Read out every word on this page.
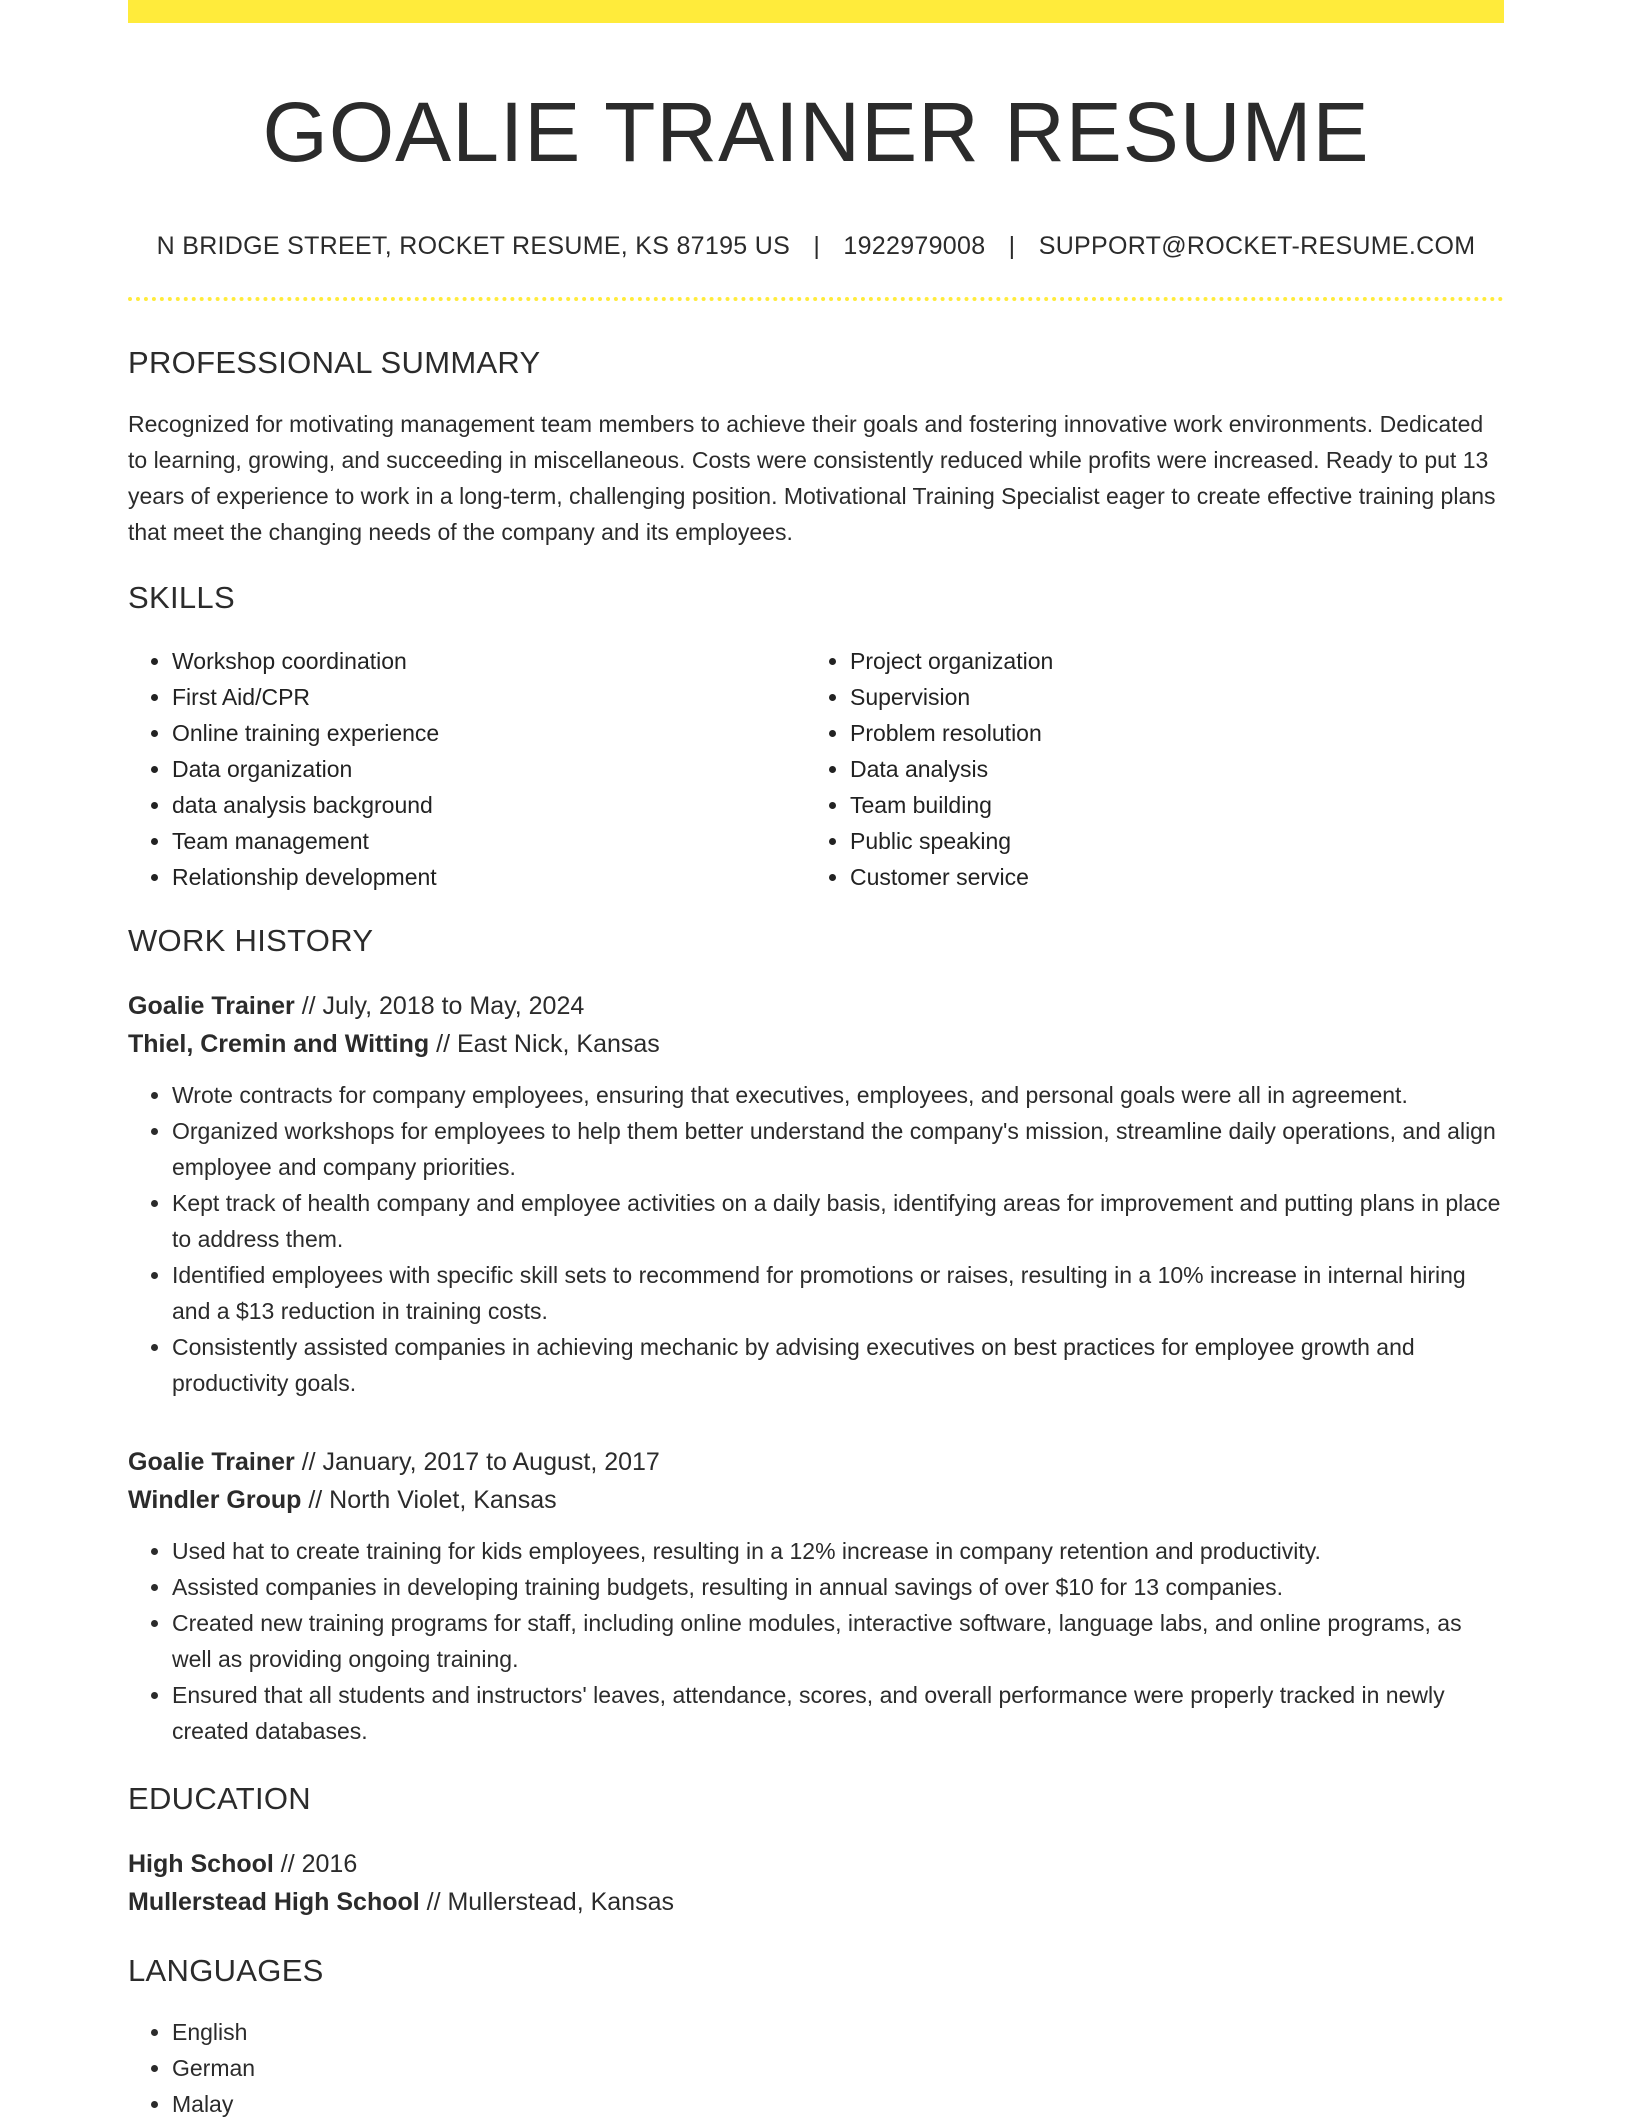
GOALIE TRAINER RESUME
N BRIDGE STREET, ROCKET RESUME, KS 87195 US | 1922979008 | SUPPORT@ROCKET-RESUME.COM
PROFESSIONAL SUMMARY
Recognized for motivating management team members to achieve their goals and fostering innovative work environments. Dedicated to learning, growing, and succeeding in miscellaneous. Costs were consistently reduced while profits were increased. Ready to put 13 years of experience to work in a long-term, challenging position. Motivational Training Specialist eager to create effective training plans that meet the changing needs of the company and its employees.
SKILLS
• Workshop coordination
• First Aid/CPR
• Online training experience
• Data organization
• data analysis background
• Team management
• Relationship development
• Project organization
• Supervision
• Problem resolution
• Data analysis
• Team building
• Public speaking
• Customer service
WORK HISTORY
Goalie Trainer // July, 2018 to May, 2024
Thiel, Cremin and Witting // East Nick, Kansas
• Wrote contracts for company employees, ensuring that executives, employees, and personal goals were all in agreement.
• Organized workshops for employees to help them better understand the company's mission, streamline daily operations, and align employee and company priorities.
• Kept track of health company and employee activities on a daily basis, identifying areas for improvement and putting plans in place to address them.
• Identified employees with specific skill sets to recommend for promotions or raises, resulting in a 10% increase in internal hiring and a $13 reduction in training costs.
• Consistently assisted companies in achieving mechanic by advising executives on best practices for employee growth and productivity goals.
Goalie Trainer // January, 2017 to August, 2017
Windler Group // North Violet, Kansas
• Used hat to create training for kids employees, resulting in a 12% increase in company retention and productivity.
• Assisted companies in developing training budgets, resulting in annual savings of over $10 for 13 companies.
• Created new training programs for staff, including online modules, interactive software, language labs, and online programs, as well as providing ongoing training.
• Ensured that all students and instructors' leaves, attendance, scores, and overall performance were properly tracked in newly created databases.
EDUCATION
High School // 2016
Mullerstead High School // Mullerstead, Kansas
LANGUAGES
• English
• German
• Malay
